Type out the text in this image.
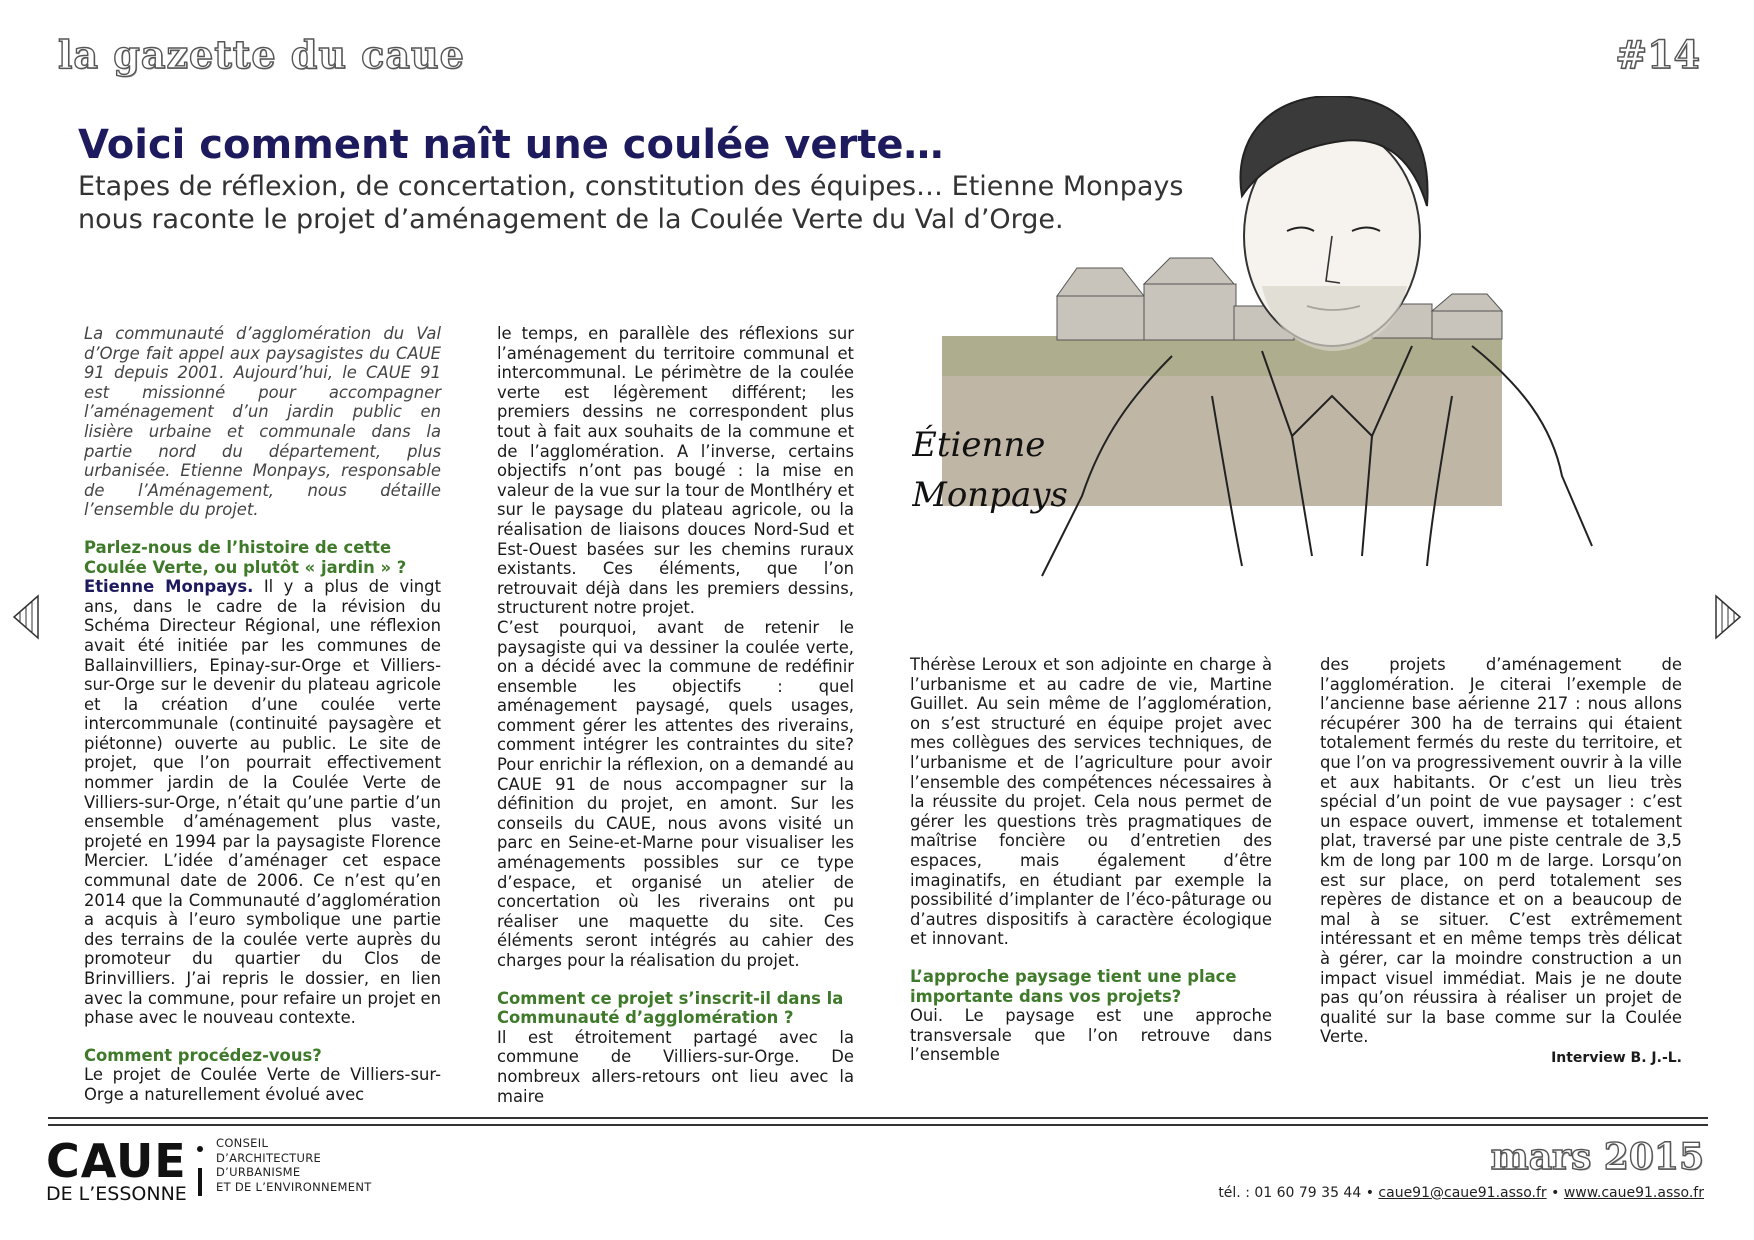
la gazette du caue	#14
Voici comment naît une coulée verte…
Etapes de réflexion, de concertation, constitution des équipes… Etienne Monpays nous raconte le projet d’aménagement de la Coulée Verte du Val d’Orge.
Étienne
Monpays

La communauté d’agglomération du Val d’Orge fait appel aux paysagistes du CAUE 91 depuis 2001. Aujourd’hui, le CAUE 91 est missionné pour accompagner l’aménagement d’un jardin public en lisière urbaine et communale dans la partie nord du département, plus urbanisée. Etienne Monpays, responsable de l’Aménagement, nous détaille l’ensemble du projet.

Parlez-nous de l’histoire de cette Coulée Verte, ou plutôt « jardin » ?

Etienne Monpays. Il y a plus de vingt ans, dans le cadre de la révision du Schéma Directeur Régional, une réflexion avait été initiée par les communes de Ballainvilliers, Epinay-sur-Orge et Villiers-sur-Orge sur le devenir du plateau agricole et la création d’une coulée verte intercommunale (continuité paysagère et piétonne) ouverte au public. Le site de projet, que l’on pourrait effectivement nommer jardin de la Coulée Verte de Villiers-sur-Orge, n’était qu’une partie d’un ensemble d’aménagement plus vaste, projeté en 1994 par la paysagiste Florence Mercier. L’idée d’aménager cet espace communal date de 2006. Ce n’est qu’en 2014 que la Communauté d’agglomération a acquis à l’euro symbolique une partie des terrains de la coulée verte auprès du promoteur du quartier du Clos de Brinvilliers. J’ai repris le dossier, en lien avec la commune, pour refaire un projet en phase avec le nouveau contexte.

Comment procédez-vous?

Le projet de Coulée Verte de Villiers-sur-Orge a naturellement évolué avec

le temps, en parallèle des réflexions sur l’aménagement du territoire communal et intercommunal. Le périmètre de la coulée verte est légèrement différent; les premiers dessins ne correspondent plus tout à fait aux souhaits de la commune et de l’agglomération. A l’inverse, certains objectifs n’ont pas bougé : la mise en valeur de la vue sur la tour de Montlhéry et sur le paysage du plateau agricole, ou la réalisation de liaisons douces Nord-Sud et Est-Ouest basées sur les chemins ruraux existants. Ces éléments, que l’on retrouvait déjà dans les premiers dessins, structurent notre projet.

C’est pourquoi, avant de retenir le paysagiste qui va dessiner la coulée verte, on a décidé avec la commune de redéfinir ensemble les objectifs : quel aménagement paysagé, quels usages, comment gérer les attentes des riverains, comment intégrer les contraintes du site? Pour enrichir la réflexion, on a demandé au CAUE 91 de nous accompagner sur la définition du projet, en amont. Sur les conseils du CAUE, nous avons visité un parc en Seine-et-Marne pour visualiser les aménagements possibles sur ce type d’espace, et organisé un atelier de concertation où les riverains ont pu réaliser une maquette du site. Ces éléments seront intégrés au cahier des charges pour la réalisation du projet.

Comment ce projet s’inscrit-il dans la Communauté d’agglomération ?

Il est étroitement partagé avec la commune de Villiers-sur-Orge. De nombreux allers-retours ont lieu avec la maire

Thérèse Leroux et son adjointe en charge à l’urbanisme et au cadre de vie, Martine Guillet. Au sein même de l’agglomération, on s’est structuré en équipe projet avec mes collègues des services techniques, de l’urbanisme et de l’agriculture pour avoir l’ensemble des compétences nécessaires à la réussite du projet. Cela nous permet de gérer les questions très pragmatiques de maîtrise foncière ou d’entretien des espaces, mais également d’être imaginatifs, en étudiant par exemple la possibilité d’implanter de l’éco-pâturage ou d’autres dispositifs à caractère écologique et innovant.

L’approche paysage tient une place importante dans vos projets?

Oui. Le paysage est une approche transversale que l’on retrouve dans l’ensemble

des projets d’aménagement de l’agglomération. Je citerai l’exemple de l’ancienne base aérienne 217 : nous allons récupérer 300 ha de terrains qui étaient totalement fermés du reste du territoire, et que l’on va progressivement ouvrir à la ville et aux habitants. Or c’est un lieu très spécial d’un point de vue paysager : c’est un espace ouvert, immense et totalement plat, traversé par une piste centrale de 3,5 km de long par 100 m de large. Lorsqu’on est sur place, on perd totalement ses repères de distance et on a beaucoup de mal à se situer. C’est extrêmement intéressant et en même temps très délicat à gérer, car la moindre construction a un impact visuel immédiat. Mais je ne doute pas qu’on réussira à réaliser un projet de qualité sur la base comme sur la Coulée Verte.

Interview B. J.-L.

CAUE
DE L’ESSONNE
CONSEIL
D’ARCHITECTURE
D’URBANISME
ET DE L’ENVIRONNEMENT
mars 2015
tél. : 01 60 79 35 44 • caue91@caue91.asso.fr • www.caue91.asso.fr
